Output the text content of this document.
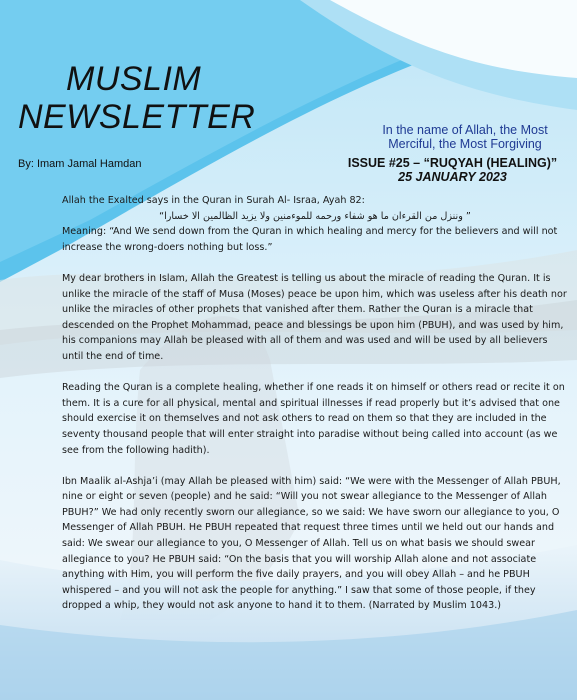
MUSLIM
NEWSLETTER
By: Imam Jamal Hamdan
In the name of Allah, the Most
Merciful, the Most Forgiving
ISSUE #25 – “RUQYAH (HEALING)”
25 JANUARY 2023

Allah the Exalted says in the Quran in Surah Al- Israa, Ayah 82:
” وننزل من القرءان ما هو شفاء ورحمه للموءمنين ولا يزيد الظالمين الا خسارا“

Meaning: “And We send down from the Quran in which healing and mercy for the believers and will not increase the wrong-doers nothing but loss.”

My dear brothers in Islam, Allah the Greatest is telling us about the miracle of reading the Quran. It is unlike the miracle of the staff of Musa (Moses) peace be upon him, which was useless after his death nor unlike the miracles of other prophets that vanished after them. Rather the Quran is a miracle that descended on the Prophet Mohammad, peace and blessings be upon him (PBUH), and was used by him, his companions may Allah be pleased with all of them and was used and will be used by all believers until the end of time.

Reading the Quran is a complete healing, whether if one reads it on himself or others read or recite it on them. It is a cure for all physical, mental and spiritual illnesses if read properly but it’s advised that one should exercise it on themselves and not ask others to read on them so that they are included in the seventy thousand people that will enter straight into paradise without being called into account (as we see from the following hadith).

Ibn Maalik al-Ashja’i (may Allah be pleased with him) said: “We were with the Messenger of Allah PBUH, nine or eight or seven (people) and he said: “Will you not swear allegiance to the Messenger of Allah PBUH?” We had only recently sworn our allegiance, so we said: We have sworn our allegiance to you, O Messenger of Allah PBUH. He PBUH repeated that request three times until we held out our hands and said: We swear our allegiance to you, O Messenger of Allah. Tell us on what basis we should swear allegiance to you? He PBUH said: “On the basis that you will worship Allah alone and not associate anything with Him, you will perform the five daily prayers, and you will obey Allah – and he PBUH whispered – and you will not ask the people for anything.” I saw that some of those people, if they dropped a whip, they would not ask anyone to hand it to them. (Narrated by Muslim 1043.)
